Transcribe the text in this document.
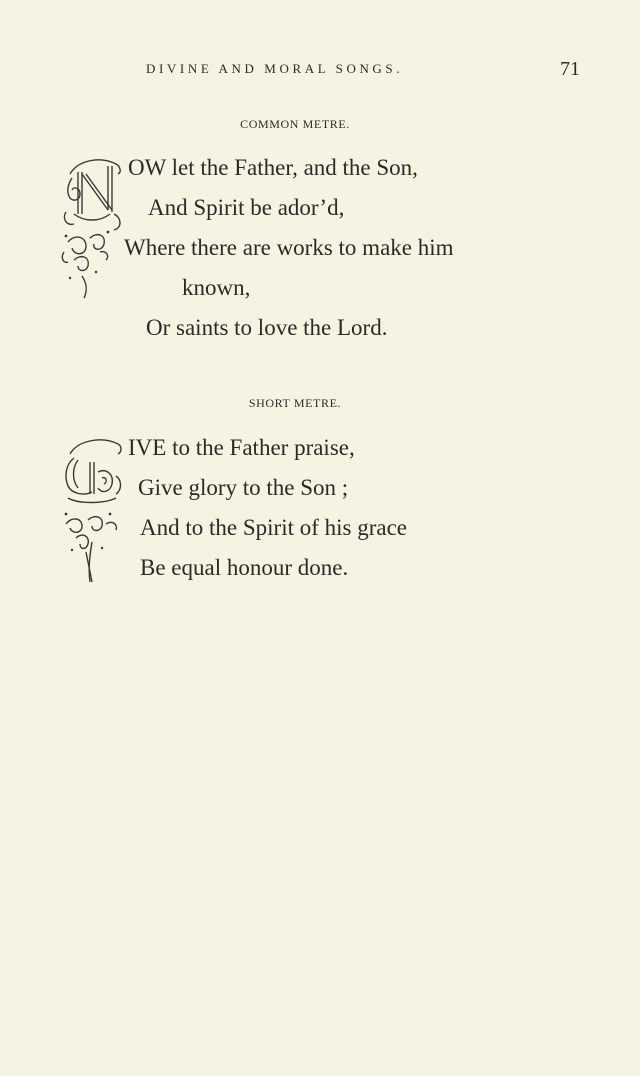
DIVINE AND MORAL SONGS.	71
COMMON METRE.
OW let the Father, and the Son,
And Spirit be ador’d,
Where there are works to make him
known,
Or saints to love the Lord.
SHORT METRE.
IVE to the Father praise,
Give glory to the Son ;
And to the Spirit of his grace
Be equal honour done.
